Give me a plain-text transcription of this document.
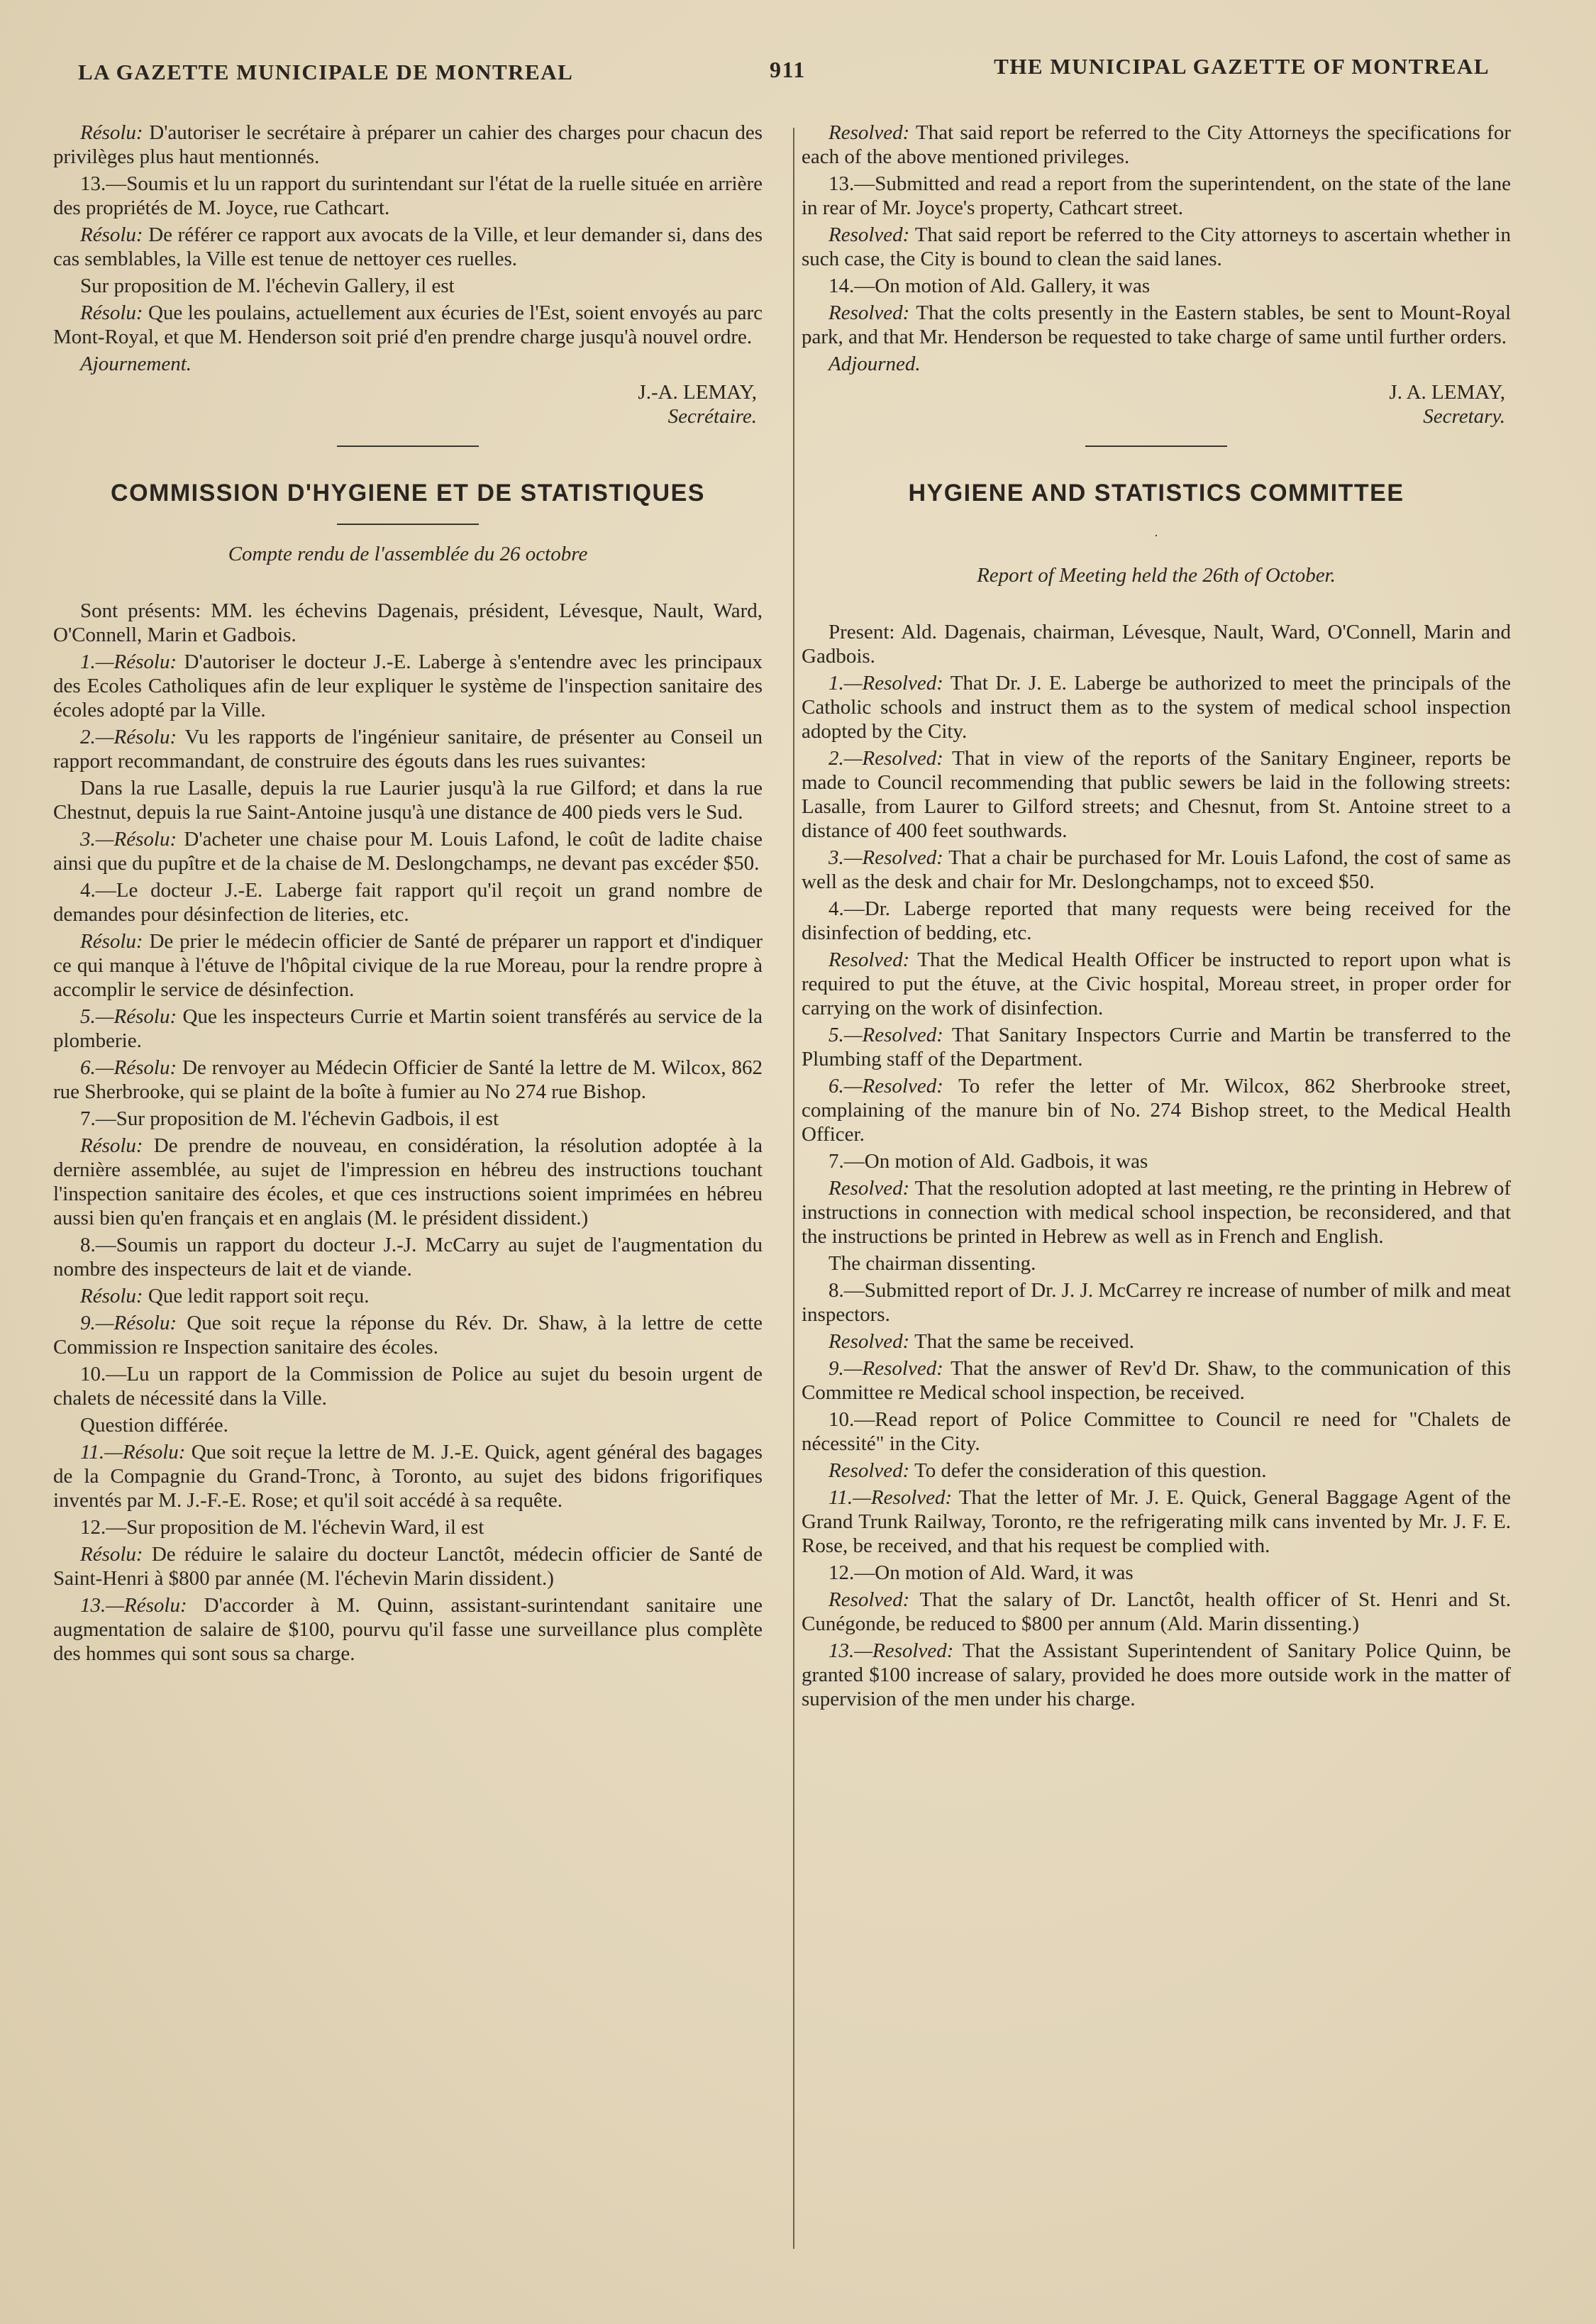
LA GAZETTE MUNICIPALE DE MONTREAL	911	THE MUNICIPAL GAZETTE OF MONTREAL
Résolu: D'autoriser le secrétaire à préparer un cahier des charges pour chacun des privilèges plus haut mentionnés.
13.—Soumis et lu un rapport du surintendant sur l'état de la ruelle située en arrière des propriétés de M. Joyce, rue Cathcart.
Résolu: De référer ce rapport aux avocats de la Ville, et leur demander si, dans des cas semblables, la Ville est tenue de nettoyer ces ruelles.
Sur proposition de M. l'échevin Gallery, il est
Résolu: Que les poulains, actuellement aux écuries de l'Est, soient envoyés au parc Mont-Royal, et que M. Henderson soit prié d'en prendre charge jusqu'à nouvel ordre.
Ajournement.
J.-A. LEMAY,
Secrétaire.
COMMISSION D'HYGIENE ET DE STATISTIQUES
Compte rendu de l'assemblée du 26 octobre
Sont présents: MM. les échevins Dagenais, président, Lévesque, Nault, Ward, O'Connell, Marin et Gadbois.
1.—Résolu: D'autoriser le docteur J.-E. Laberge à s'entendre avec les principaux des Ecoles Catholiques afin de leur expliquer le système de l'inspection sanitaire des écoles adopté par la Ville.
2.—Résolu: Vu les rapports de l'ingénieur sanitaire, de présenter au Conseil un rapport recommandant, de construire des égouts dans les rues suivantes:
Dans la rue Lasalle, depuis la rue Laurier jusqu'à la rue Gilford; et dans la rue Chestnut, depuis la rue Saint-Antoine jusqu'à une distance de 400 pieds vers le Sud.
3.—Résolu: D'acheter une chaise pour M. Louis Lafond, le coût de ladite chaise ainsi que du pupître et de la chaise de M. Deslongchamps, ne devant pas excéder $50.
4.—Le docteur J.-E. Laberge fait rapport qu'il reçoit un grand nombre de demandes pour désinfection de literies, etc.
Résolu: De prier le médecin officier de Santé de préparer un rapport et d'indiquer ce qui manque à l'étuve de l'hôpital civique de la rue Moreau, pour la rendre propre à accomplir le service de désinfection.
5.—Résolu: Que les inspecteurs Currie et Martin soient transférés au service de la plomberie.
6.—Résolu: De renvoyer au Médecin Officier de Santé la lettre de M. Wilcox, 862 rue Sherbrooke, qui se plaint de la boîte à fumier au No 274 rue Bishop.
7.—Sur proposition de M. l'échevin Gadbois, il est
Résolu: De prendre de nouveau, en considération, la résolution adoptée à la dernière assemblée, au sujet de l'impression en hébreu des instructions touchant l'inspection sanitaire des écoles, et que ces instructions soient imprimées en hébreu aussi bien qu'en français et en anglais (M. le président dissident.)
8.—Soumis un rapport du docteur J.-J. McCarry au sujet de l'augmentation du nombre des inspecteurs de lait et de viande.
Résolu: Que ledit rapport soit reçu.
9.—Résolu: Que soit reçue la réponse du Rév. Dr. Shaw, à la lettre de cette Commission re Inspection sanitaire des écoles.
10.—Lu un rapport de la Commission de Police au sujet du besoin urgent de chalets de nécessité dans la Ville.
Question différée.
11.—Résolu: Que soit reçue la lettre de M. J.-E. Quick, agent général des bagages de la Compagnie du Grand-Tronc, à Toronto, au sujet des bidons frigorifiques inventés par M. J.-F.-E. Rose; et qu'il soit accédé à sa requête.
12.—Sur proposition de M. l'échevin Ward, il est
Résolu: De réduire le salaire du docteur Lanctôt, médecin officier de Santé de Saint-Henri à $800 par année (M. l'échevin Marin dissident.)
13.—Résolu: D'accorder à M. Quinn, assistant-surintendant sanitaire une augmentation de salaire de $100, pourvu qu'il fasse une surveillance plus complète des hommes qui sont sous sa charge.
Resolved: That said report be referred to the City Attorneys the specifications for each of the above mentioned privileges.
13.—Submitted and read a report from the superintendent, on the state of the lane in rear of Mr. Joyce's property, Cathcart street.
Resolved: That said report be referred to the City attorneys to ascertain whether in such case, the City is bound to clean the said lanes.
14.—On motion of Ald. Gallery, it was
Resolved: That the colts presently in the Eastern stables, be sent to Mount-Royal park, and that Mr. Henderson be requested to take charge of same until further orders.
Adjourned.
J. A. LEMAY,
Secretary.
HYGIENE AND STATISTICS COMMITTEE
·
Report of Meeting held the 26th of October.
Present: Ald. Dagenais, chairman, Lévesque, Nault, Ward, O'Connell, Marin and Gadbois.
1.—Resolved: That Dr. J. E. Laberge be authorized to meet the principals of the Catholic schools and instruct them as to the system of medical school inspection adopted by the City.
2.—Resolved: That in view of the reports of the Sanitary Engineer, reports be made to Council recommending that public sewers be laid in the following streets: Lasalle, from Laurer to Gilford streets; and Chesnut, from St. Antoine street to a distance of 400 feet southwards.
3.—Resolved: That a chair be purchased for Mr. Louis Lafond, the cost of same as well as the desk and chair for Mr. Deslongchamps, not to exceed $50.
4.—Dr. Laberge reported that many requests were being received for the disinfection of bedding, etc.
Resolved: That the Medical Health Officer be instructed to report upon what is required to put the étuve, at the Civic hospital, Moreau street, in proper order for carrying on the work of disinfection.
5.—Resolved: That Sanitary Inspectors Currie and Martin be transferred to the Plumbing staff of the Department.
6.—Resolved: To refer the letter of Mr. Wilcox, 862 Sherbrooke street, complaining of the manure bin of No. 274 Bishop street, to the Medical Health Officer.
7.—On motion of Ald. Gadbois, it was
Resolved: That the resolution adopted at last meeting, re the printing in Hebrew of instructions in connection with medical school inspection, be reconsidered, and that the instructions be printed in Hebrew as well as in French and English.
The chairman dissenting.
8.—Submitted report of Dr. J. J. McCarrey re increase of number of milk and meat inspectors.
Resolved: That the same be received.
9.—Resolved: That the answer of Rev'd Dr. Shaw, to the communication of this Committee re Medical school inspection, be received.
10.—Read report of Police Committee to Council re need for "Chalets de nécessité" in the City.
Resolved: To defer the consideration of this question.
11.—Resolved: That the letter of Mr. J. E. Quick, General Baggage Agent of the Grand Trunk Railway, Toronto, re the refrigerating milk cans invented by Mr. J. F. E. Rose, be received, and that his request be complied with.
12.—On motion of Ald. Ward, it was
Resolved: That the salary of Dr. Lanctôt, health officer of St. Henri and St. Cunégonde, be reduced to $800 per annum (Ald. Marin dissenting.)
13.—Resolved: That the Assistant Superintendent of Sanitary Police Quinn, be granted $100 increase of salary, provided he does more outside work in the matter of supervision of the men under his charge.
